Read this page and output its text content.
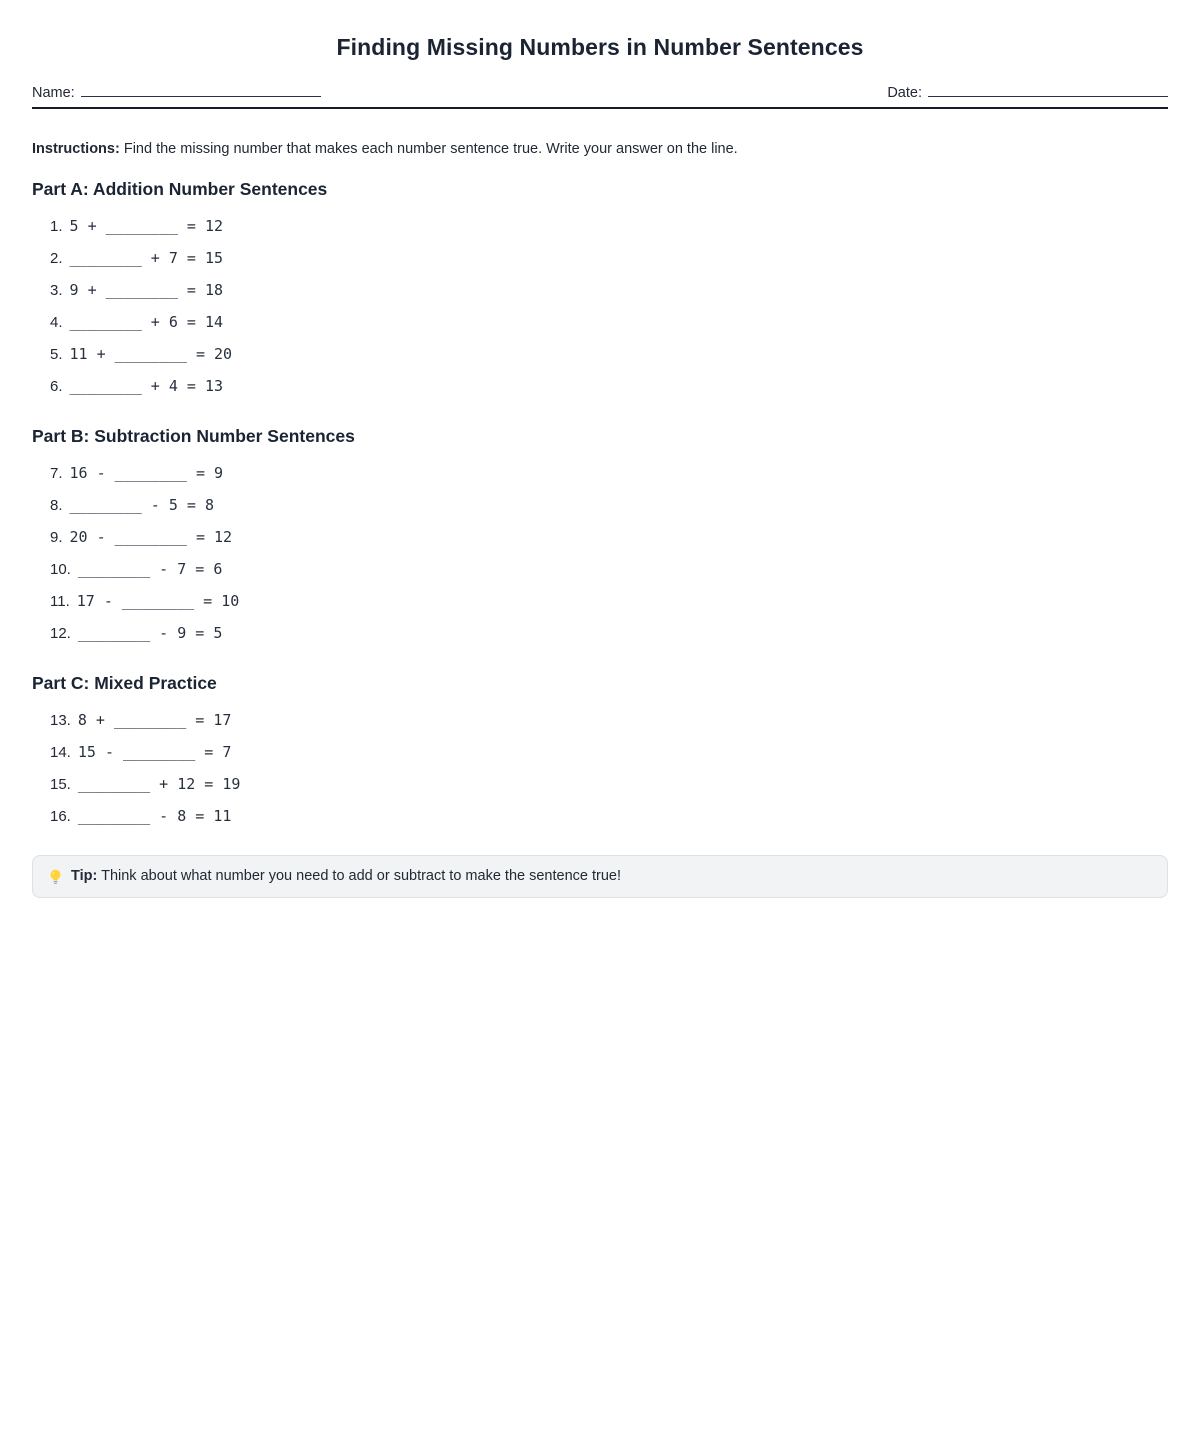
Finding Missing Numbers in Number Sentences
Name:	Date:

Instructions: Find the missing number that makes each number sentence true. Write your answer on the line.

Part A: Addition Number Sentences
1. 5 + ________ = 12
2. ________ + 7 = 15
3. 9 + ________ = 18
4. ________ + 6 = 14
5. 11 + ________ = 20
6. ________ + 4 = 13
Part B: Subtraction Number Sentences
7. 16 - ________ = 9
8. ________ - 5 = 8
9. 20 - ________ = 12
10. ________ - 7 = 6
11. 17 - ________ = 10
12. ________ - 9 = 5
Part C: Mixed Practice
13. 8 + ________ = 17
14. 15 - ________ = 7
15. ________ + 12 = 19
16. ________ - 8 = 11
Tip: Think about what number you need to add or subtract to make the sentence true!
